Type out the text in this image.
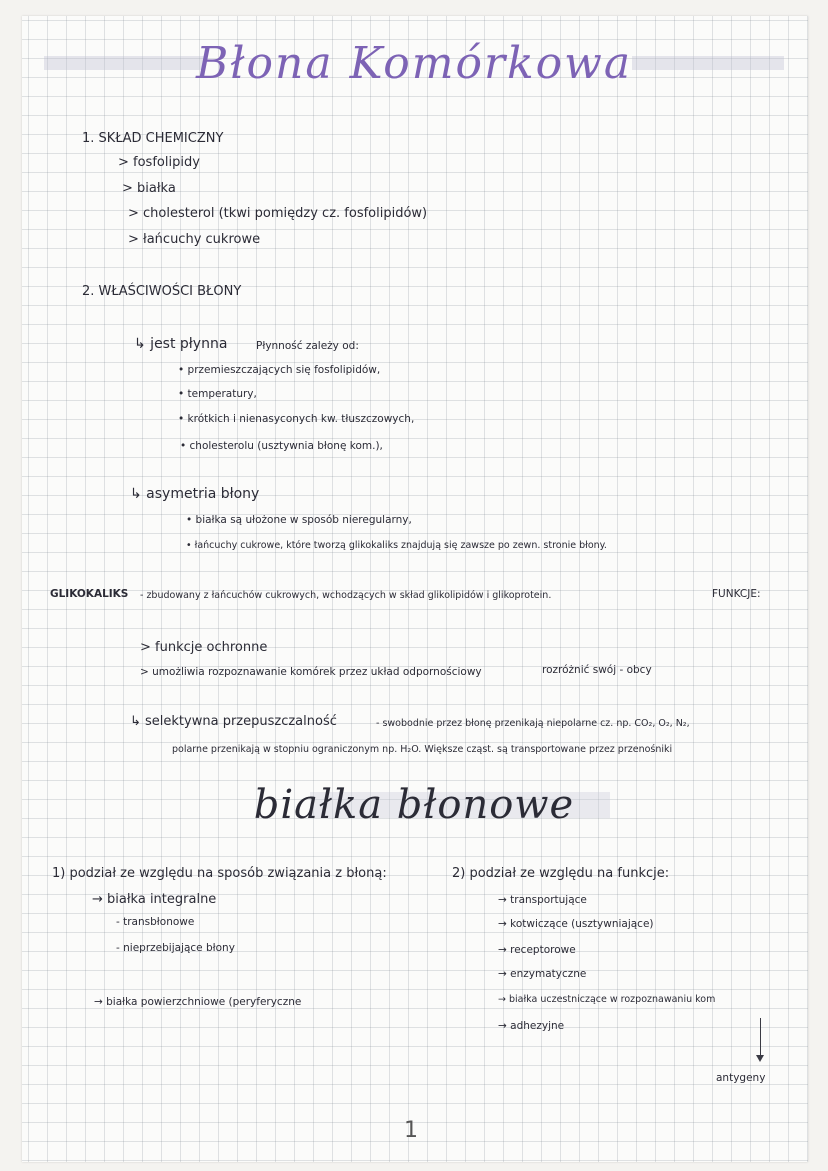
Błona Komórkowa
1. SKŁAD CHEMICZNY
> fosfolipidy
> białka
> cholesterol (tkwi pomiędzy cz. fosfolipidów)
> łańcuchy cukrowe
2. WŁAŚCIWOŚCI BŁONY
↳ jest płynna	Płynność zależy od:
• przemieszczających się fosfolipidów,
• temperatury,
• krótkich i nienasyconych kw. tłuszczowych,
• cholesterolu (usztywnia błonę kom.),
↳ asymetria błony
• białka są ułożone w sposób nieregularny,
• łańcuchy cukrowe, które tworzą glikokaliks znajdują się zawsze po zewn. stronie błony.
GLIKOKALIKS - zbudowany z łańcuchów cukrowych, wchodzących w skład glikolipidów i glikoprotein.	FUNKCJE:
> funkcje ochronne
> umożliwia rozpoznawanie komórek przez układ odpornościowy	rozróżnić swój - obcy
↳ selektywna przepuszczalność	- swobodnie przez błonę przenikają niepolarne cz. np. CO₂, O₂, N₂,
polarne przenikają w stopniu ograniczonym np. H₂O. Większe cząst. są transportowane przez przenośniki
białka błonowe
1) podział ze względu na sposób związania z błoną:
→ białka integralne
- transbłonowe
- nieprzebijające błony
→ białka powierzchniowe (peryferyczne
2) podział ze względu na funkcje:
→ transportujące
→ kotwiczące (usztywniające)
→ receptorowe
→ enzymatyczne
→ białka uczestniczące w rozpoznawaniu kom
→ adhezyjne
antygeny
1
